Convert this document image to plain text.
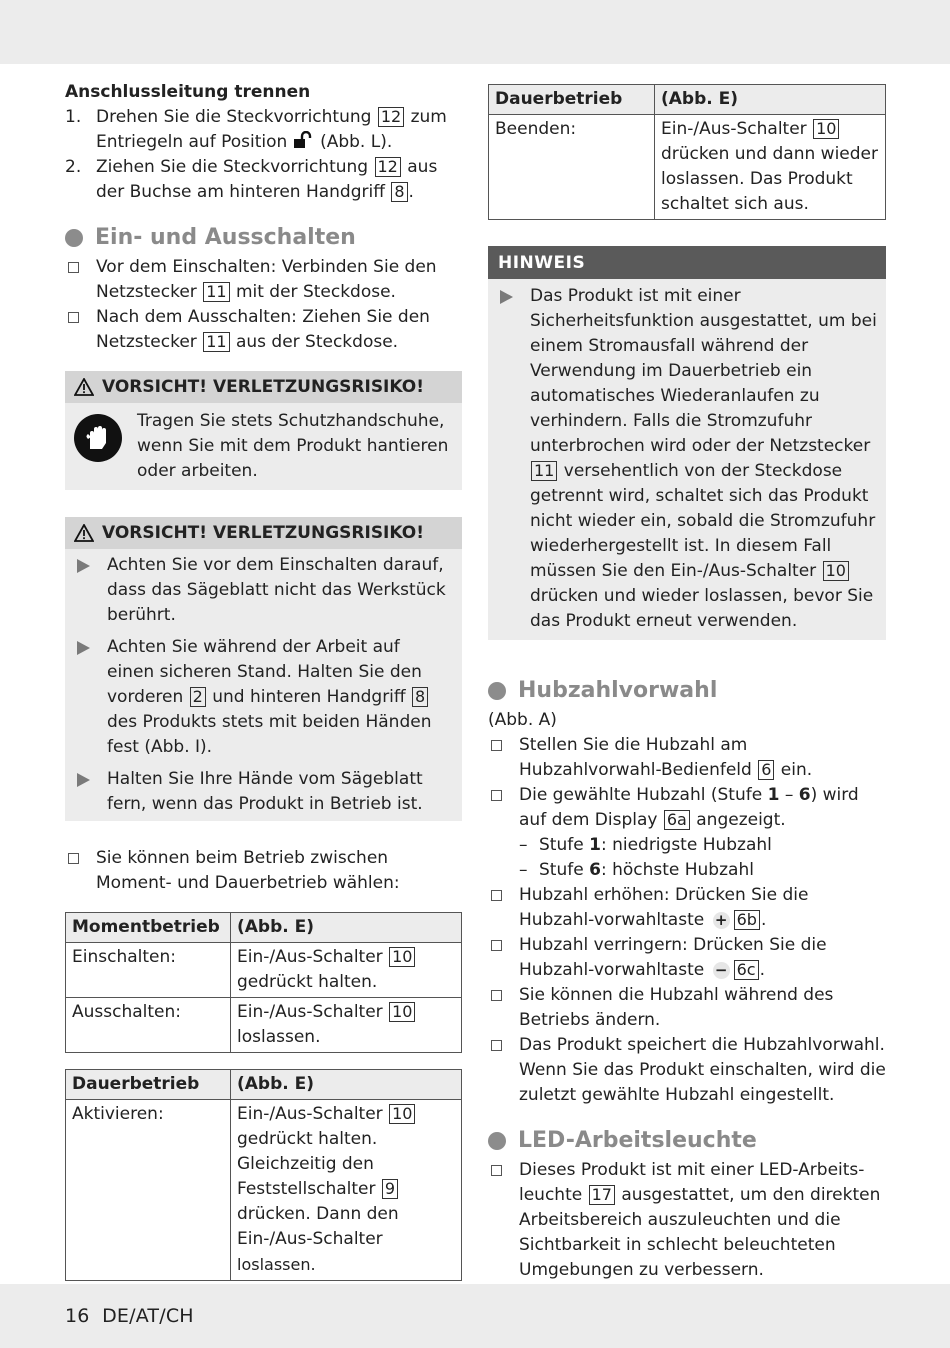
Anschlussleitung trennen
1. Drehen Sie die Steckvorrichtung 12 zum Entriegeln auf Position  (Abb. L).
2. Ziehen Sie die Steckvorrichtung 12 aus der Buchse am hinteren Handgriff 8 .
Ein- und Ausschalten
Vor dem Einschalten: Verbinden Sie den Netzstecker 11 mit der Steckdose.
Nach dem Ausschalten: Ziehen Sie den Netzstecker 11 aus der Steckdose.
VORSICHT! VERLETZUNGSRISIKO!
Tragen Sie stets Schutzhandschuhe, wenn Sie mit dem Produkt hantieren oder arbeiten.
VORSICHT! VERLETZUNGSRISIKO!
Achten Sie vor dem Einschalten darauf, dass das Sägeblatt nicht das Werkstück berührt.
Achten Sie während der Arbeit auf einen sicheren Stand. Halten Sie den vorderen 2 und hinteren Handgriff 8 des Produkts stets mit beiden Händen fest (Abb. I).
Halten Sie Ihre Hände vom Sägeblatt fern, wenn das Produkt in Betrieb ist.
Sie können beim Betrieb zwischen Moment- und Dauerbetrieb wählen:
Momentbetrieb	(Abb. E)
Einschalten:	Ein-/Aus-Schalter 10 gedrückt halten.
Ausschalten:	Ein-/Aus-Schalter 10 loslassen.
Dauerbetrieb	(Abb. E)
Aktivieren:	Ein-/Aus-Schalter 10 gedrückt halten. Gleichzeitig den Feststellschalter 9 drücken. Dann den Ein-/Aus-Schalter loslassen.
Dauerbetrieb	(Abb. E)
Beenden:	Ein-/Aus-Schalter 10 drücken und dann wieder loslassen. Das Produkt schaltet sich aus.
HINWEIS
Das Produkt ist mit einer Sicherheitsfunktion ausgestattet, um bei einem Stromausfall während der Verwendung im Dauerbetrieb ein automatisches Wiederanlaufen zu verhindern. Falls die Stromzufuhr unterbrochen wird oder der Netzstecker 11 versehentlich von der Steckdose getrennt wird, schaltet sich das Produkt nicht wieder ein, sobald die Stromzufuhr wiederhergestellt ist. In diesem Fall müssen Sie den Ein-/Aus-Schalter 10 drücken und wieder loslassen, bevor Sie das Produkt erneut verwenden.
Hubzahlvorwahl
(Abb. A)
Stellen Sie die Hubzahl am Hubzahlvorwahl-Bedienfeld 6 ein.
Die gewählte Hubzahl (Stufe 1 – 6) wird auf dem Display 6a angezeigt.
– Stufe 1: niedrigste Hubzahl
– Stufe 6: höchste Hubzahl
Hubzahl erhöhen: Drücken Sie die Hubzahl-vorwahltaste + 6b .
Hubzahl verringern: Drücken Sie die Hubzahl-vorwahltaste − 6c .
Sie können die Hubzahl während des Betriebs ändern.
Das Produkt speichert die Hubzahlvorwahl. Wenn Sie das Produkt einschalten, wird die zuletzt gewählte Hubzahl eingestellt.
LED-Arbeitsleuchte
Dieses Produkt ist mit einer LED-Arbeits-leuchte 17 ausgestattet, um den direkten Arbeitsbereich auszuleuchten und die Sichtbarkeit in schlecht beleuchteten Umgebungen zu verbessern.
16 DE/AT/CH
